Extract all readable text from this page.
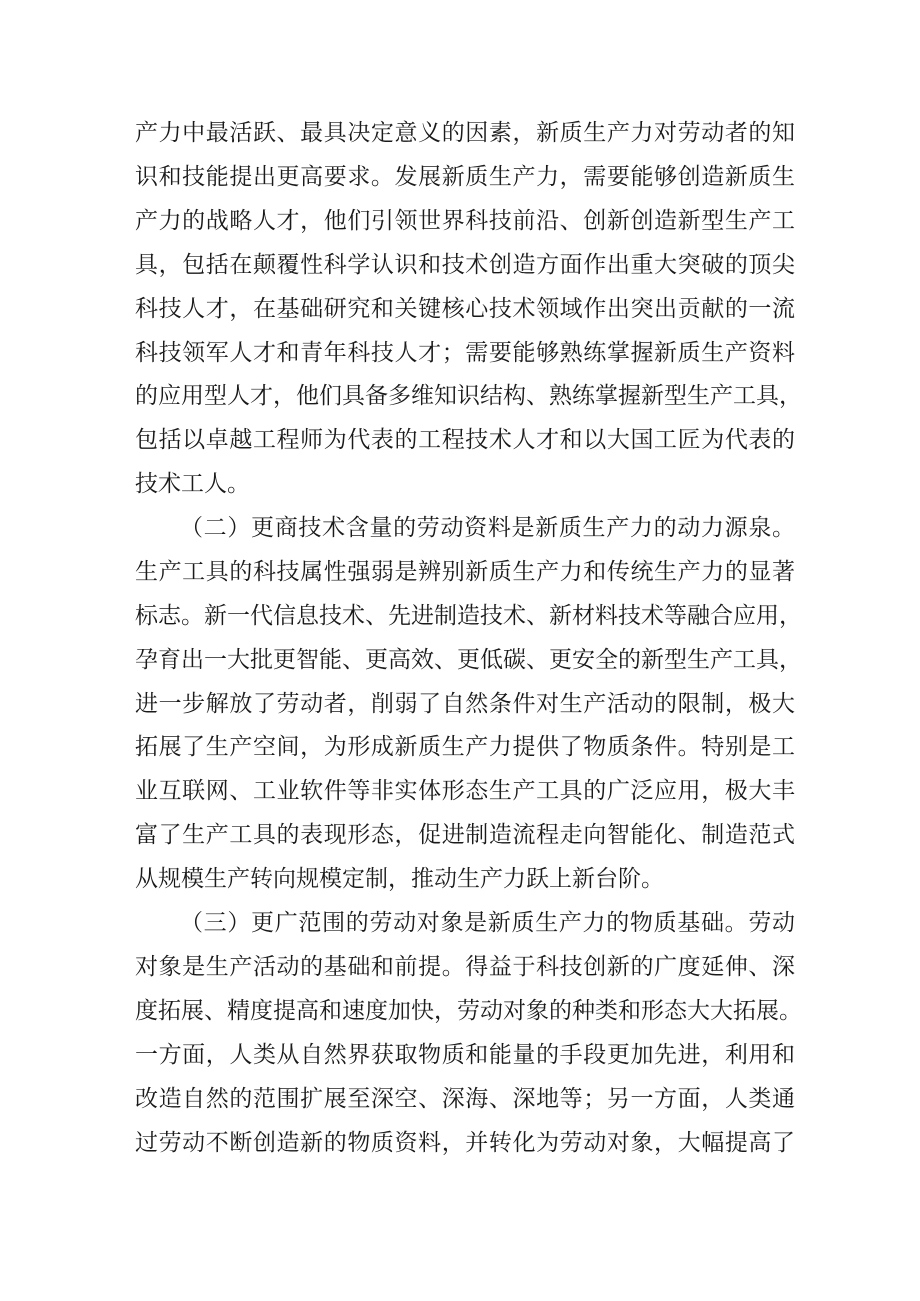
产力中最活跃、最具决定意义的因素，新质生产力对劳动者的知
识和技能提出更高要求。发展新质生产力，需要能够创造新质生
产力的战略人才，他们引领世界科技前沿、创新创造新型生产工
具，包括在颠覆性科学认识和技术创造方面作出重大突破的顶尖
科技人才，在基础研究和关键核心技术领域作出突出贡献的一流
科技领军人才和青年科技人才；需要能够熟练掌握新质生产资料
的应用型人才，他们具备多维知识结构、熟练掌握新型生产工具，
包括以卓越工程师为代表的工程技术人才和以大国工匠为代表的
技术工人。
（二）更商技术含量的劳动资料是新质生产力的动力源泉。
生产工具的科技属性强弱是辨别新质生产力和传统生产力的显著
标志。新一代信息技术、先进制造技术、新材料技术等融合应用，
孕育出一大批更智能、更高效、更低碳、更安全的新型生产工具，
进一步解放了劳动者，削弱了自然条件对生产活动的限制，极大
拓展了生产空间，为形成新质生产力提供了物质条件。特别是工
业互联网、工业软件等非实体形态生产工具的广泛应用，极大丰
富了生产工具的表现形态，促进制造流程走向智能化、制造范式
从规模生产转向规模定制，推动生产力跃上新台阶。
（三）更广范围的劳动对象是新质生产力的物质基础。劳动
对象是生产活动的基础和前提。得益于科技创新的广度延伸、深
度拓展、精度提高和速度加快，劳动对象的种类和形态大大拓展。
一方面，人类从自然界获取物质和能量的手段更加先进，利用和
改造自然的范围扩展至深空、深海、深地等；另一方面，人类通
过劳动不断创造新的物质资料，并转化为劳动对象，大幅提高了
